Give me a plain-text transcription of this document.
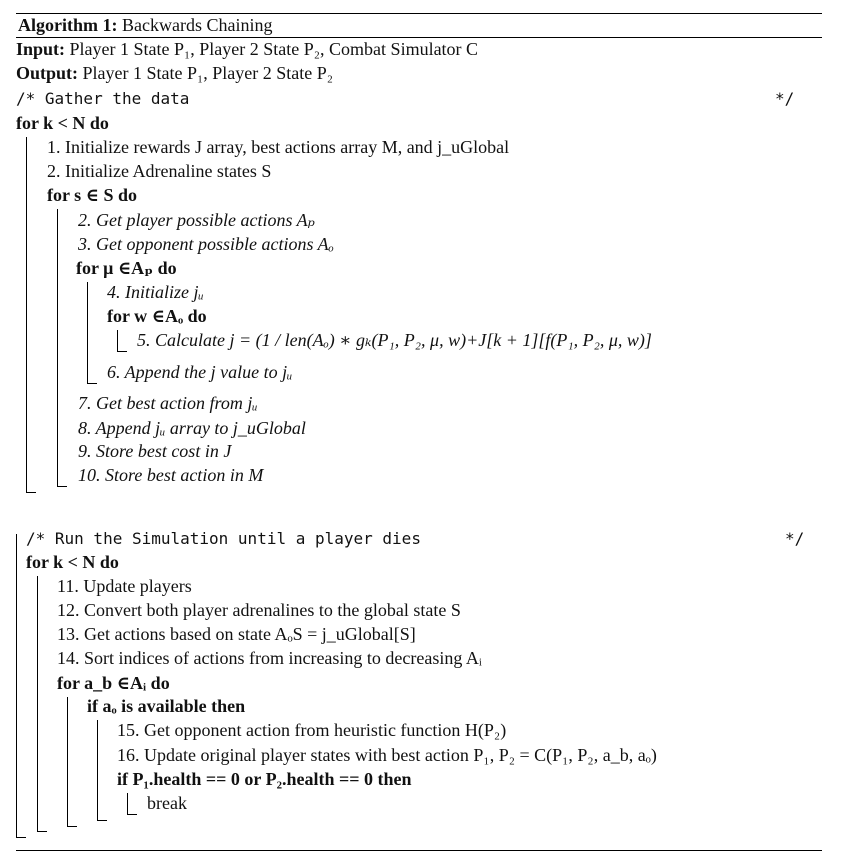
Algorithm 1: Backwards Chaining
Input: Player 1 State P₁, Player 2 State P₂, Combat Simulator C
Output: Player 1 State P₁, Player 2 State P₂
/* Gather the data	*/
for k < N do
1. Initialize rewards J array, best actions array M, and j_uGlobal
2. Initialize Adrenaline states S
for s ∈ S do
2. Get player possible actions Aₚ
3. Get opponent possible actions Aₒ
for μ ∈Aₚ do
4. Initialize jᵤ
for w ∈Aₒ do
5. Calculate j = (1 / len(Aₒ) ∗ gₖ(P₁, P₂, μ, w)+J[k + 1][f(P₁, P₂, μ, w)]
6. Append the j value to jᵤ
7. Get best action from jᵤ
8. Append jᵤ array to j_uGlobal
9. Store best cost in J
10. Store best action in M
/* Run the Simulation until a player dies	*/
for k < N do
11. Update players
12. Convert both player adrenalines to the global state S
13. Get actions based on state AₒS = j_uGlobal[S]
14. Sort indices of actions from increasing to decreasing Aᵢ
for a_b ∈Aᵢ do
if aₒ is available then
15. Get opponent action from heuristic function H(P₂)
16. Update original player states with best action P₁, P₂ = C(P₁, P₂, a_b, aₒ)
if P₁.health == 0 or P₂.health == 0 then
break
